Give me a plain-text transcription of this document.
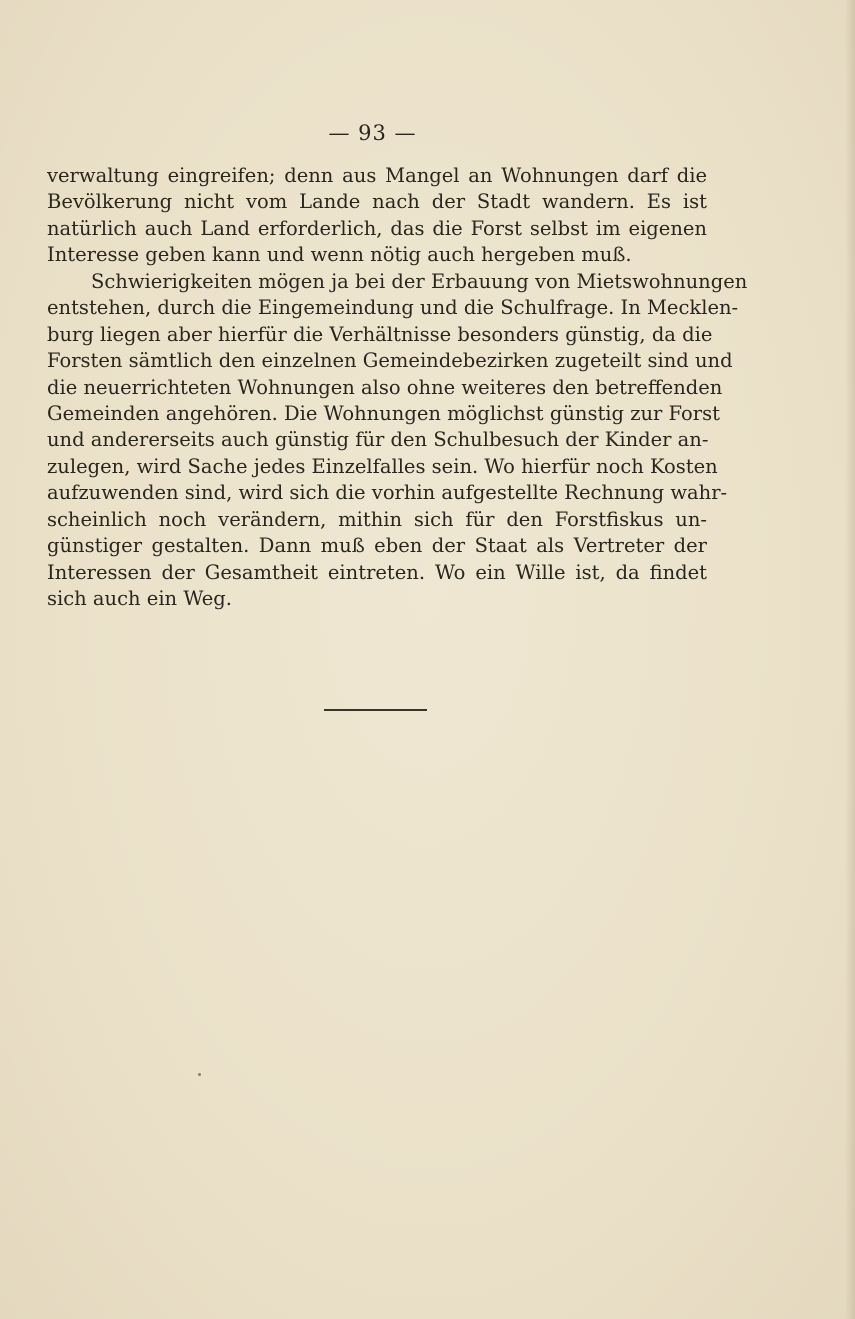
— 93 —
verwaltung eingreifen; denn aus Mangel an Wohnungen darf die
Bevölkerung nicht vom Lande nach der Stadt wandern. Es ist
natürlich auch Land erforderlich, das die Forst selbst im eigenen
Interesse geben kann und wenn nötig auch hergeben muß.
Schwierigkeiten mögen ja bei der Erbauung von Mietswohnungen
entstehen, durch die Eingemeindung und die Schulfrage. In Mecklen-
burg liegen aber hierfür die Verhältnisse besonders günstig, da die
Forsten sämtlich den einzelnen Gemeindebezirken zugeteilt sind und
die neuerrichteten Wohnungen also ohne weiteres den betreffenden
Gemeinden angehören. Die Wohnungen möglichst günstig zur Forst
und andererseits auch günstig für den Schulbesuch der Kinder an-
zulegen, wird Sache jedes Einzelfalles sein. Wo hierfür noch Kosten
aufzuwenden sind, wird sich die vorhin aufgestellte Rechnung wahr-
scheinlich noch verändern, mithin sich für den Forstfiskus un-
günstiger gestalten. Dann muß eben der Staat als Vertreter der
Interessen der Gesamtheit eintreten. Wo ein Wille ist, da findet
sich auch ein Weg.
